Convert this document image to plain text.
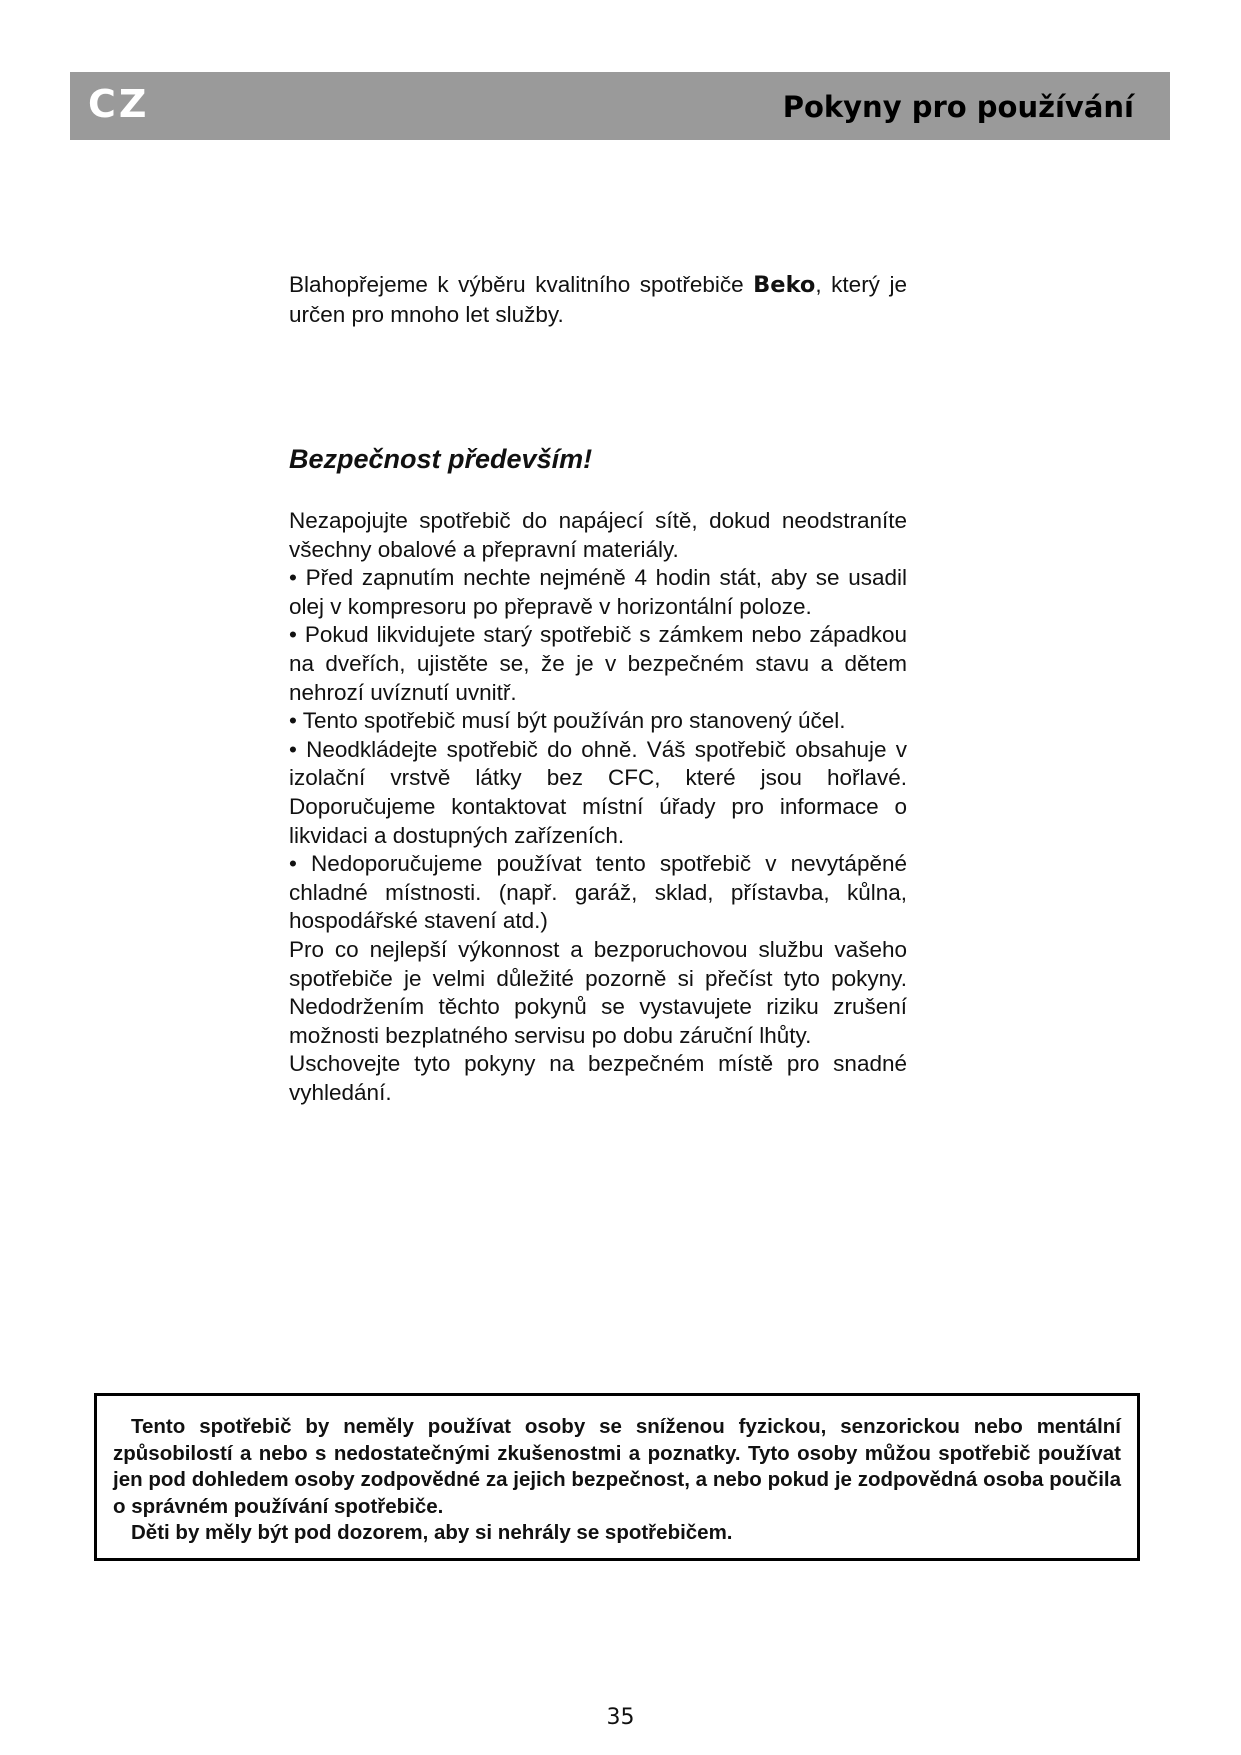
CZ	Pokyny pro používání

Blahopřejeme k výběru kvalitního spotřebiče Beko, který je určen pro mnoho let služby.

Bezpečnost především!

Nezapojujte spotřebič do napájecí sítě, dokud neodstraníte všechny obalové a přepravní materiály.

• Před zapnutím nechte nejméně 4 hodin stát, aby se usadil olej v kompresoru po přepravě v horizontální poloze.

• Pokud likvidujete starý spotřebič s zámkem nebo západkou na dveřích, ujistěte se, že je v bezpečném stavu a dětem nehrozí uvíznutí uvnitř.

• Tento spotřebič musí být používán pro stanovený účel.

• Neodkládejte spotřebič do ohně. Váš spotřebič obsahuje v izolační vrstvě látky bez CFC, které jsou hořlavé. Doporučujeme kontaktovat místní úřady pro informace o likvidaci a dostupných zařízeních.

• Nedoporučujeme používat tento spotřebič v nevytápěné chladné místnosti. (např. garáž, sklad, přístavba, kůlna, hospodářské stavení atd.)

Pro co nejlepší výkonnost a bezporuchovou službu vašeho spotřebiče je velmi důležité pozorně si přečíst tyto pokyny. Nedodržením těchto pokynů se vystavujete riziku zrušení možnosti bezplatného servisu po dobu záruční lhůty.

Uschovejte tyto pokyny na bezpečném místě pro snadné vyhledání.

Tento spotřebič by neměly používat osoby se sníženou fyzickou, senzorickou nebo mentální způsobilostí a nebo s nedostatečnými zkušenostmi a poznatky. Tyto osoby můžou spotřebič používat jen pod dohledem osoby zodpovědné za jejich bezpečnost, a nebo pokud je zodpovědná osoba poučila o správném používání spotřebiče.

Děti by měly být pod dozorem, aby si nehrály se spotřebičem.

35
